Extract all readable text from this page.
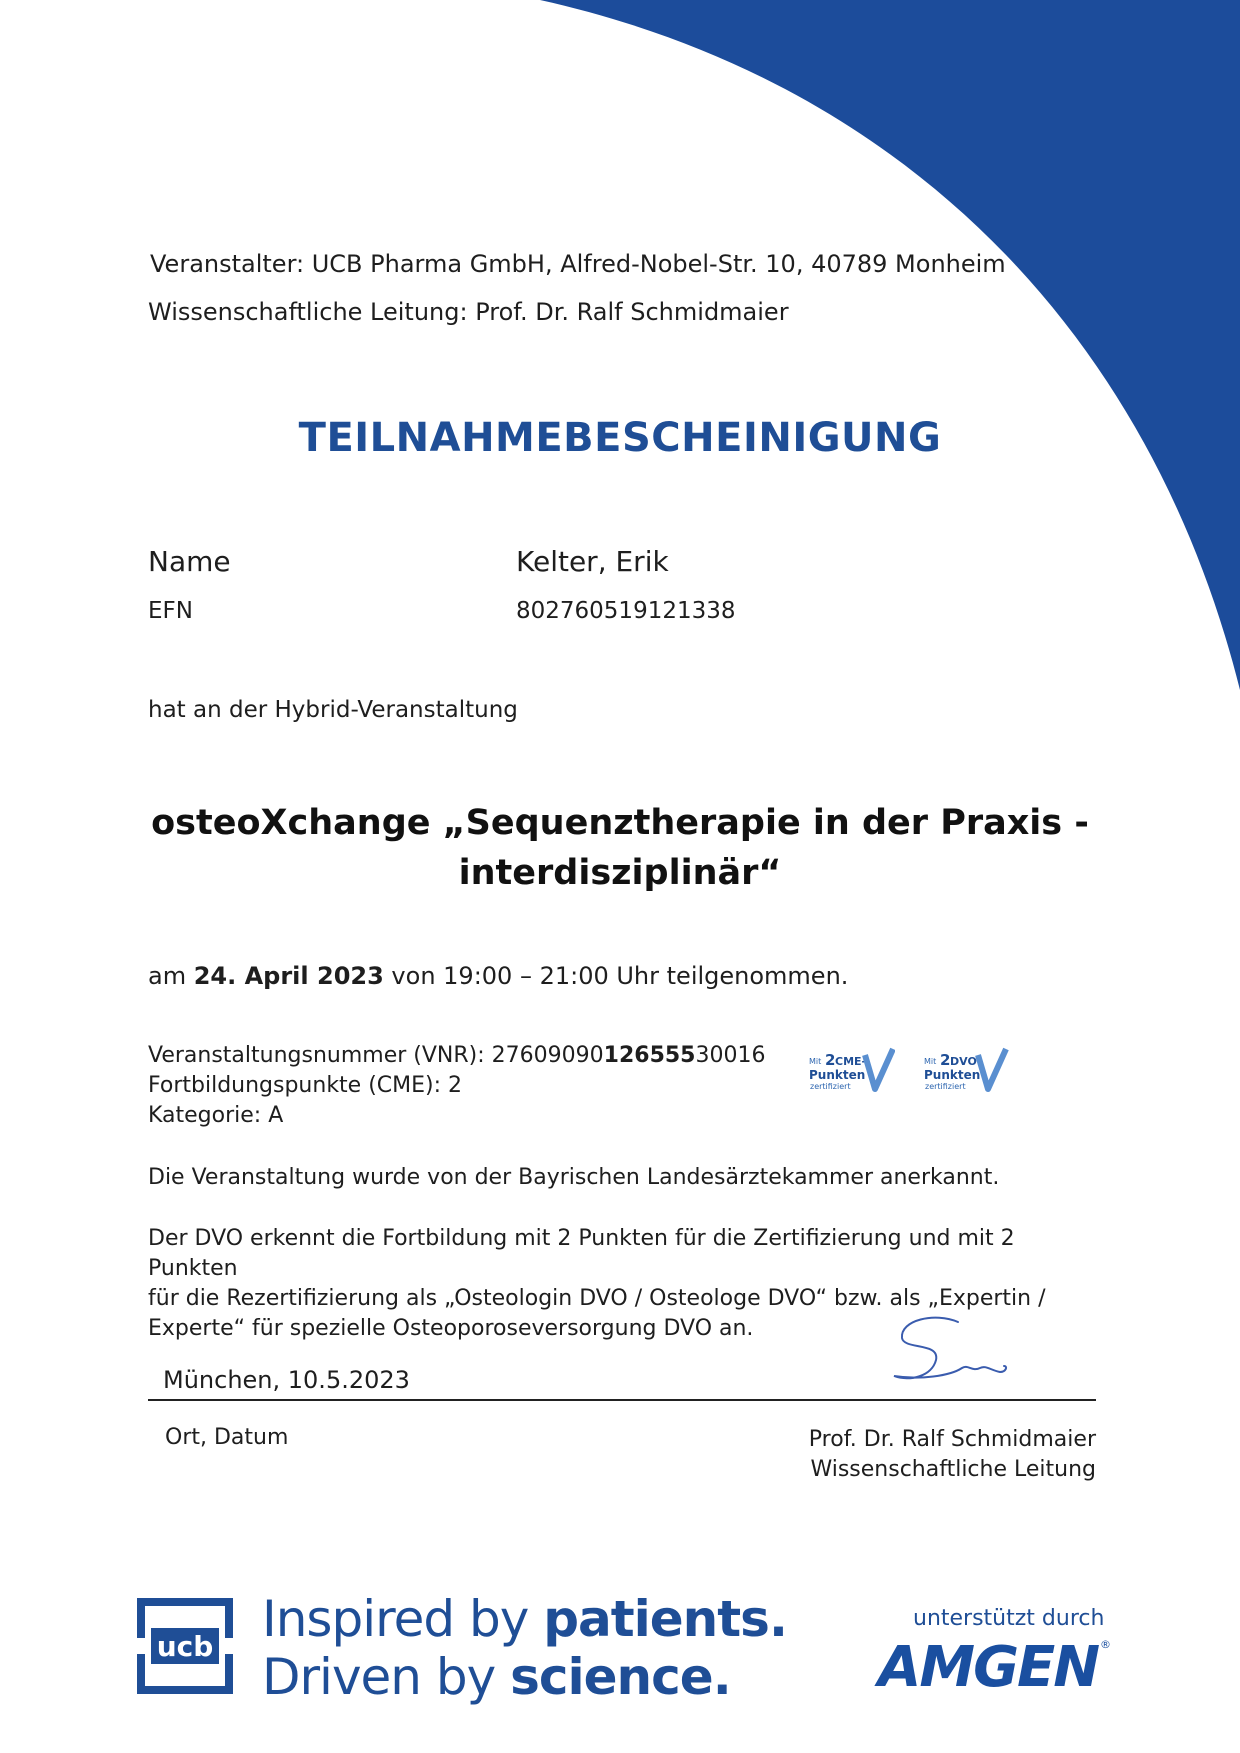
Veranstalter: UCB Pharma GmbH, Alfred-Nobel-Str. 10, 40789 Monheim
Wissenschaftliche Leitung: Prof. Dr. Ralf Schmidmaier
TEILNAHMEBESCHEINIGUNG
Name	Kelter, Erik
EFN	802760519121338
hat an der Hybrid-Veranstaltung
osteoXchange „Sequenztherapie in der Praxis -
interdisziplinär“
am 24. April 2023 von 19:00 – 21:00 Uhr teilgenommen.
Veranstaltungsnummer (VNR): 2760909012655530016
Fortbildungspunkte (CME): 2
Kategorie: A
Mit 2 CME-
Punkten
zertifiziert
Mit 2 DVO-
Punkten
zertifiziert
Die Veranstaltung wurde von der Bayrischen Landesärztekammer anerkannt.
Der DVO erkennt die Fortbildung mit 2 Punkten für die Zertifizierung und mit 2 Punkten
für die Rezertifizierung als „Osteologin DVO / Osteologe DVO“ bzw. als „Expertin /
Experte“ für spezielle Osteoporoseversorgung DVO an.
München, 10.5.2023
Ort, Datum	Prof. Dr. Ralf Schmidmaier
Wissenschaftliche Leitung
ucb Inspired by patients.
Driven by science.
unterstützt durch
AMGEN ®
